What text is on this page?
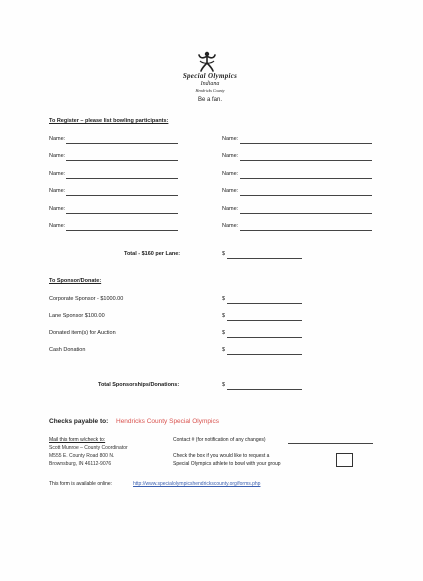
Special Olympics
Indiana
Hendricks County
Be a fan.
To Register – please list bowling participants:
Name:
Name:
Name:
Name:
Name:
Name:
Name:
Name:
Name:
Name:
Name:
Name:
Total - $160 per Lane:	$
To Sponsor/Donate:
Corporate Sponsor - $1000.00	$
Lane Sponsor $100.00	$
Donated item(s) for Auction	$
Cash Donation	$
Total Sponsorships/Donations:	$
Checks payable to: Hendricks County Special Olympics
Mail this form w/check to:
Scott Munroe – County Coordinator
M555 E. County Road 800 N.
Brownsburg, IN 46112-9076
Contact # (for notification of any changes)
Check the box if you would like to request a
Special Olympics athlete to bowl with your group
This form is available online:	http://www.specialolympicshendrickscounty.org/forms.php
